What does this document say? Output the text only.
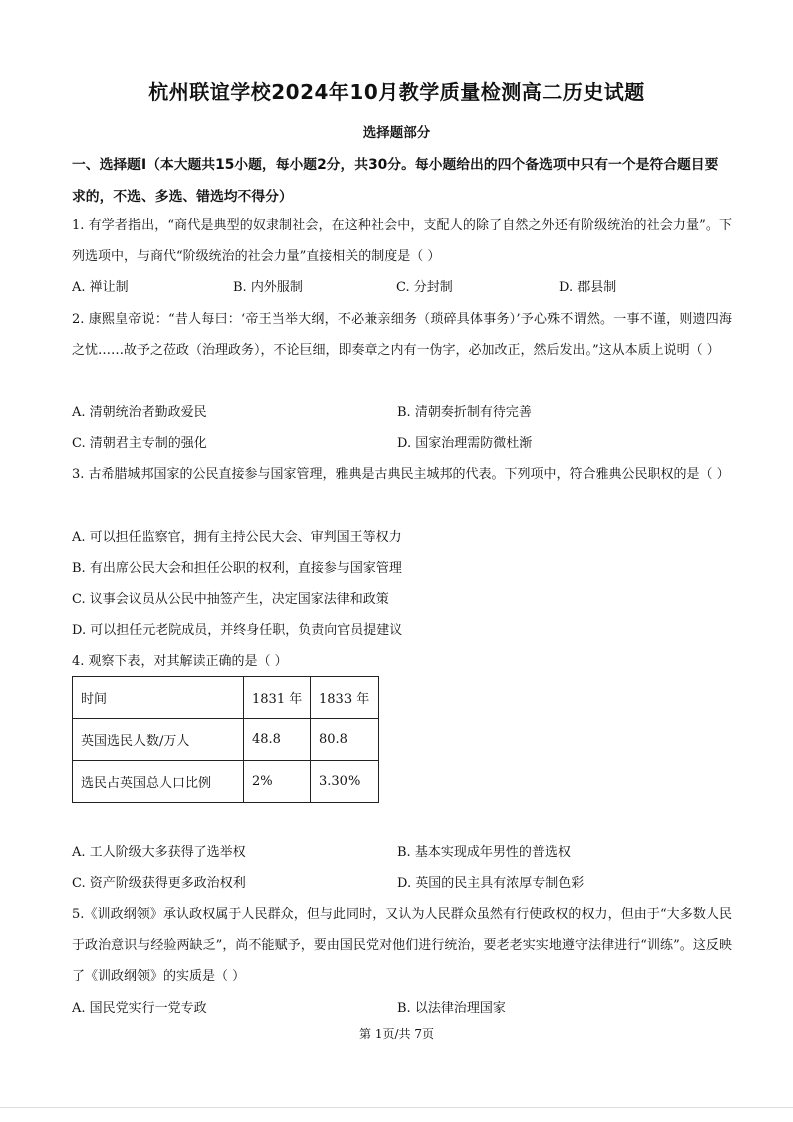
杭州联谊学校2024年10月教学质量检测高二历史试题
选择题部分
一、选择题Ⅰ（本大题共15小题，每小题2分，共30分。每小题给出的四个备选项中只有一个是符合题目要求的，不选、多选、错选均不得分）
1. 有学者指出，“商代是典型的奴隶制社会，在这种社会中，支配人的除了自然之外还有阶级统治的社会力量”。下列选项中，与商代“阶级统治的社会力量”直接相关的制度是（ ）
A. 禅让制	B. 内外服制	C. 分封制	D. 郡县制
2. 康熙皇帝说：“昔人每曰：‘帝王当举大纲，不必兼亲细务（琐碎具体事务）’予心殊不谓然。一事不谨，则遗四海之忧……故予之莅政（治理政务），不论巨细，即奏章之内有一伪字，必加改正，然后发出。”这从本质上说明（ ）
A. 清朝统治者勤政爱民	B. 清朝奏折制有待完善
C. 清朝君主专制的强化	D. 国家治理需防微杜渐
3. 古希腊城邦国家的公民直接参与国家管理，雅典是古典民主城邦的代表。下列项中，符合雅典公民职权的是（ ）
A. 可以担任监察官，拥有主持公民大会、审判国王等权力
B. 有出席公民大会和担任公职的权利，直接参与国家管理
C. 议事会议员从公民中抽签产生，决定国家法律和政策
D. 可以担任元老院成员，并终身任职，负责向官员提建议
4. 观察下表，对其解读正确的是（ ）
时间	1831 年	1833 年
英国选民人数/万人	48.8	80.8
选民占英国总人口比例	2%	3.30%
A. 工人阶级大多获得了选举权	B. 基本实现成年男性的普选权
C. 资产阶级获得更多政治权利	D. 英国的民主具有浓厚专制色彩
5.《训政纲领》承认政权属于人民群众，但与此同时，又认为人民群众虽然有行使政权的权力，但由于“大多数人民于政治意识与经验两缺乏”，尚不能赋予，要由国民党对他们进行统治，要老老实实地遵守法律进行“训练”。这反映了《训政纲领》的实质是（ ）
A. 国民党实行一党专政	B. 以法律治理国家
第 1页/共 7页
